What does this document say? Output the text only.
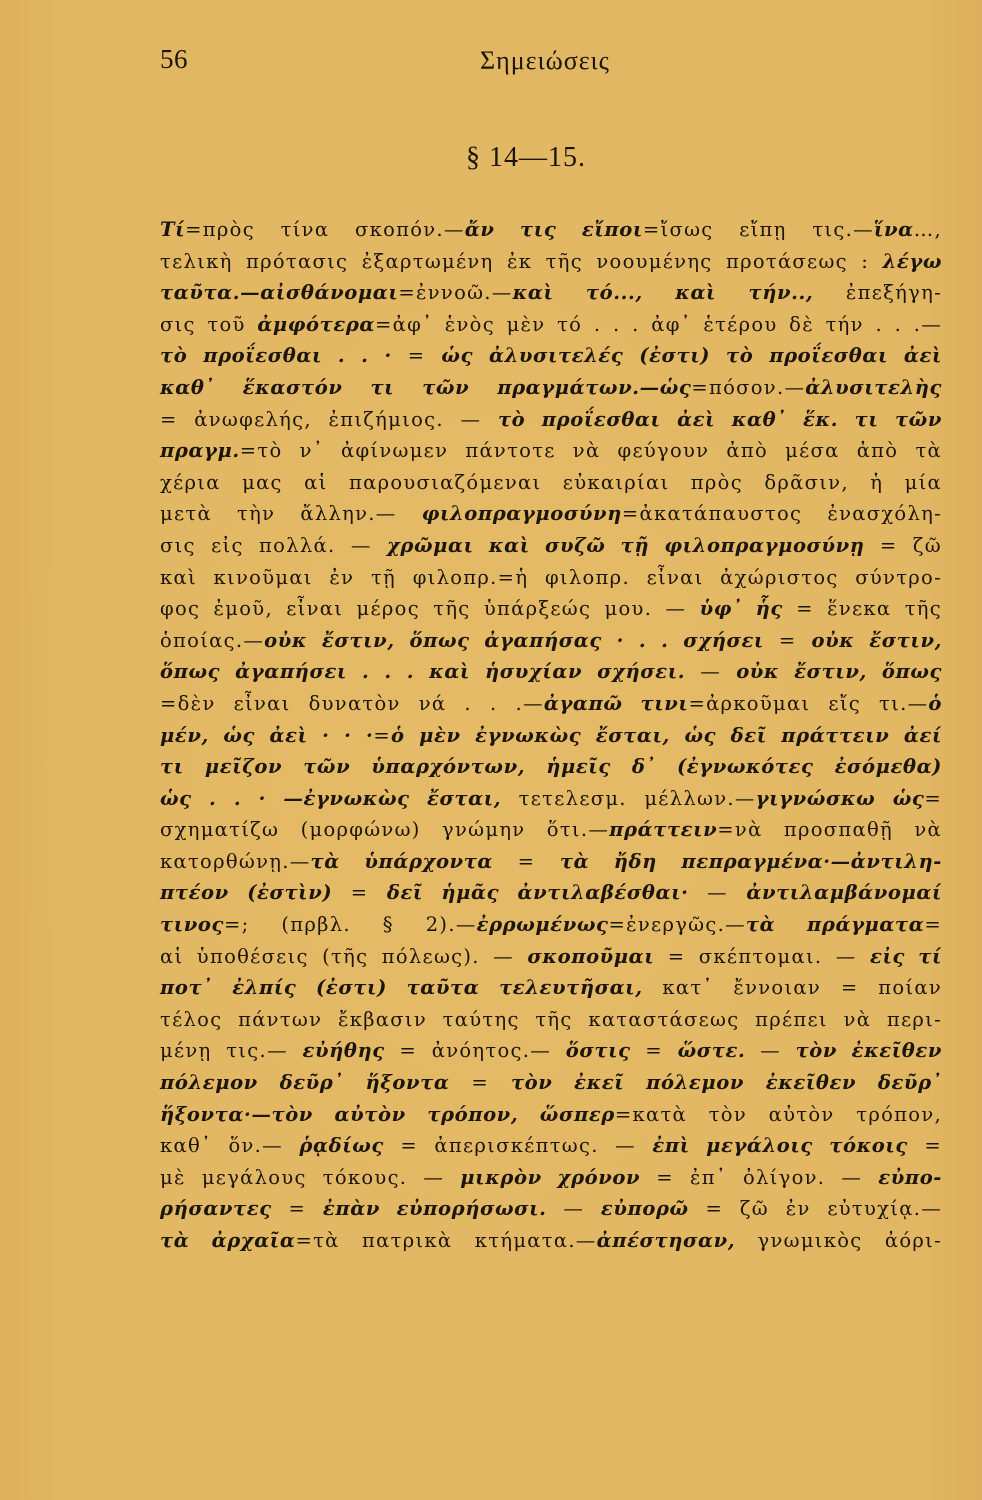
56	Σημειώσεις
§ 14—15.
Τί=πρὸς τίνα σκοπόν.—ἄν τις εἴποι=ἴσως εἴπῃ τις.—ἵνα…,
τελικὴ πρότασις ἐξαρτωμένη ἐκ τῆς νοουμένης προτάσεως : λέγω
ταῦτα.—αἰσθάνομαι=ἐννοῶ.—καὶ τό..., καὶ τήν.., ἐπεξήγη-
σις τοῦ ἀμφότερα=ἀφ᾿ ἑνὸς μὲν τό . . . ἀφ᾿ ἑτέρου δὲ τήν . . .—
τὸ προΐεσθαι . . · = ὡς ἀλυσιτελές (ἐστι) τὸ προΐεσθαι ἀεὶ
καθ᾿ ἕκαστόν τι τῶν πραγμάτων.—ὡς=πόσον.—ἀλυσιτελὴς
= ἀνωφελής, ἐπιζήμιος. — τὸ προΐεσθαι ἀεὶ καθ᾿ ἕκ. τι τῶν
πραγμ.=τὸ ν᾿ ἀφίνωμεν πάντοτε νὰ φεύγουν ἀπὸ μέσα ἀπὸ τὰ
χέρια μας αἱ παρουσιαζόμεναι εὐκαιρίαι πρὸς δρᾶσιν, ἡ μία
μετὰ τὴν ἄλλην.— φιλοπραγμοσύνη=ἀκατάπαυστος ἐνασχόλη-
σις εἰς πολλά. — χρῶμαι καὶ συζῶ τῇ φιλοπραγμοσύνῃ = ζῶ
καὶ κινοῦμαι ἐν τῇ φιλοπρ.=ἡ φιλοπρ. εἶναι ἀχώριστος σύντρο-
φος ἐμοῦ, εἶναι μέρος τῆς ὑπάρξεώς μου. — ὑφ᾿ ἧς = ἕνεκα τῆς
ὁποίας.—οὐκ ἔστιν, ὅπως ἀγαπήσας · . . σχήσει = οὐκ ἔστιν,
ὅπως ἀγαπήσει . . . καὶ ἡσυχίαν σχήσει. — οὐκ ἔστιν, ὅπως
=δὲν εἶναι δυνατὸν νά . . .—ἀγαπῶ τινι=ἀρκοῦμαι εἴς τι.—ὁ
μέν, ὡς ἀεὶ · · ·=ὁ μὲν ἐγνωκὼς ἔσται, ὡς δεῖ πράττειν ἀεί
τι μεῖζον τῶν ὑπαρχόντων, ἡμεῖς δ᾿ (ἐγνωκότες ἐσόμεθα)
ὡς . . · —ἐγνωκὼς ἔσται, τετελεσμ. μέλλων.—γιγνώσκω ὡς=
σχηματίζω (μορφώνω) γνώμην ὅτι.—πράττειν=νὰ προσπαθῇ νὰ
κατορθώνῃ.—τὰ ὑπάρχοντα = τὰ ἤδη πεπραγμένα·—ἀντιλη-
πτέον (ἐστὶν) = δεῖ ἡμᾶς ἀντιλαβέσθαι· — ἀντιλαμβάνομαί
τινος=; (πρβλ. § 2).—ἐρρωμένως=ἐνεργῶς.—τὰ πράγματα=
αἱ ὑποθέσεις (τῆς πόλεως). — σκοποῦμαι = σκέπτομαι. — εἰς τί
ποτ᾿ ἐλπίς (ἐστι) ταῦτα τελευτῆσαι, κατ᾿ ἔννοιαν = ποίαν
τέλος πάντων ἔκβασιν ταύτης τῆς καταστάσεως πρέπει νὰ περι-
μένῃ τις.— εὐήθης = ἀνόητος.— ὅστις = ὥστε. — τὸν ἐκεῖθεν
πόλεμον δεῦρ᾿ ἥξοντα = τὸν ἐκεῖ πόλεμον ἐκεῖθεν δεῦρ᾿
ἥξοντα·—τὸν αὐτὸν τρόπον, ὥσπερ=κατὰ τὸν αὐτὸν τρόπον,
καθ᾿ ὅν.— ῥᾳδίως = ἀπερισκέπτως. — ἐπὶ μεγάλοις τόκοις =
μὲ μεγάλους τόκους. — μικρὸν χρόνον = ἐπ᾿ ὀλίγον. — εὐπο-
ρήσαντες = ἐπὰν εὐπορήσωσι. — εὐπορῶ = ζῶ ἐν εὐτυχίᾳ.—
τὰ ἀρχαῖα=τὰ πατρικὰ κτήματα.—ἀπέστησαν, γνωμικὸς ἀόρι-
